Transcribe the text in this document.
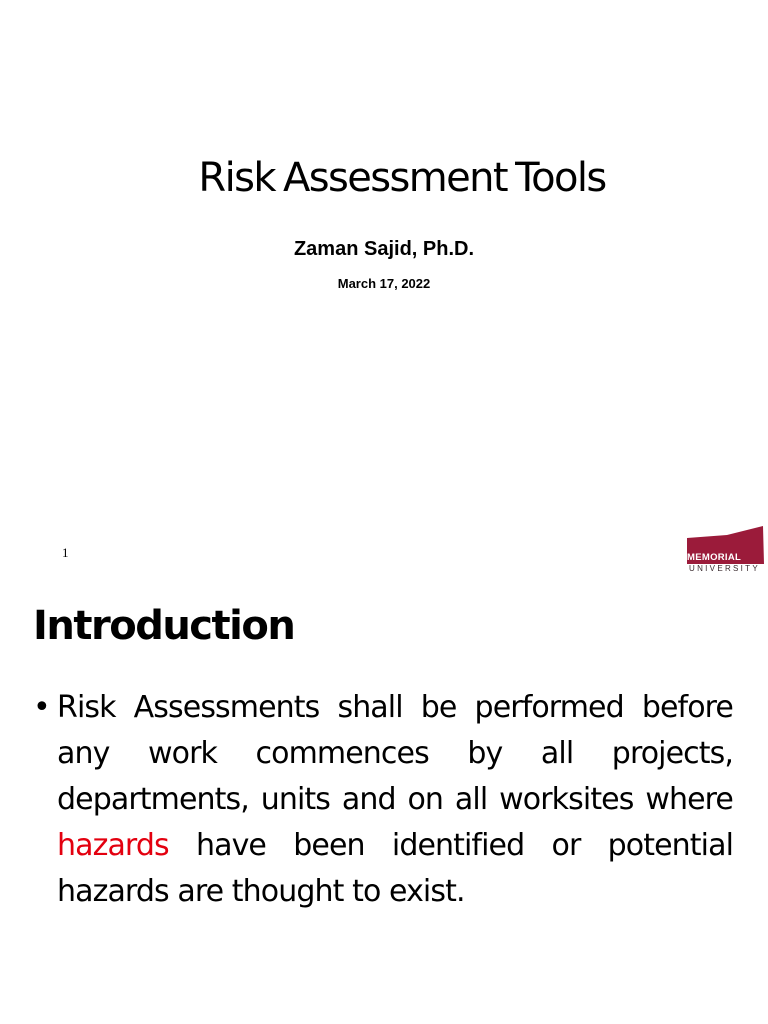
Risk Assessment Tools
Zaman Sajid, Ph.D.
March 17, 2022
1	MEMORIAL
UNIVERSITY
Introduction
• Risk Assessments shall be performed before any work commences by all projects, departments, units and on all worksites where hazards have been identified or potential hazards are thought to exist.
